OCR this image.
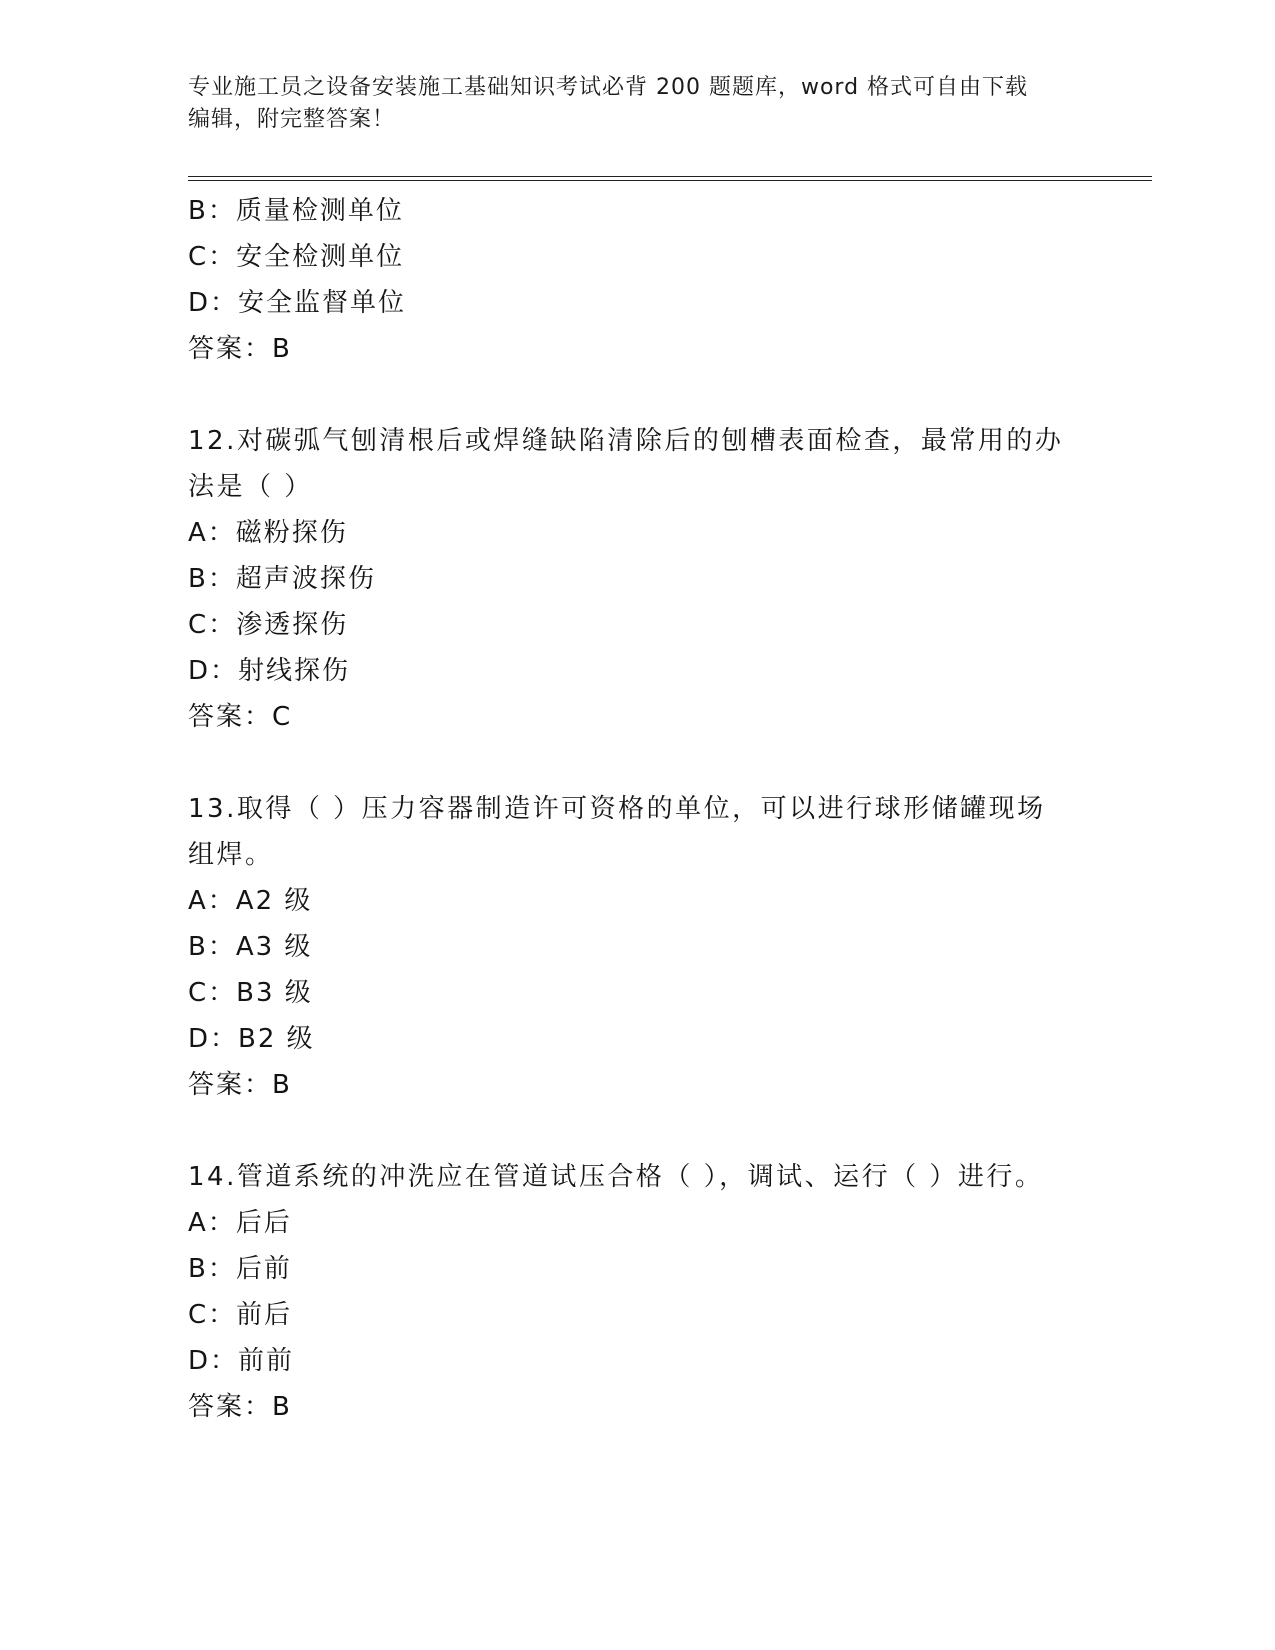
专业施工员之设备安装施工基础知识考试必背 200 题题库，word 格式可自由下载
编辑，附完整答案！
B：质量检测单位
C：安全检测单位
D：安全监督单位
答案：B
12.对碳弧气刨清根后或焊缝缺陷清除后的刨槽表面检查，最常用的办
法是（ ）
A：磁粉探伤
B：超声波探伤
C：渗透探伤
D：射线探伤
答案：C
13.取得（ ）压力容器制造许可资格的单位，可以进行球形储罐现场
组焊。
A：A2 级
B：A3 级
C：B3 级
D：B2 级
答案：B
14.管道系统的冲洗应在管道试压合格（ ），调试、运行（ ）进行。
A：后后
B：后前
C：前后
D：前前
答案：B
